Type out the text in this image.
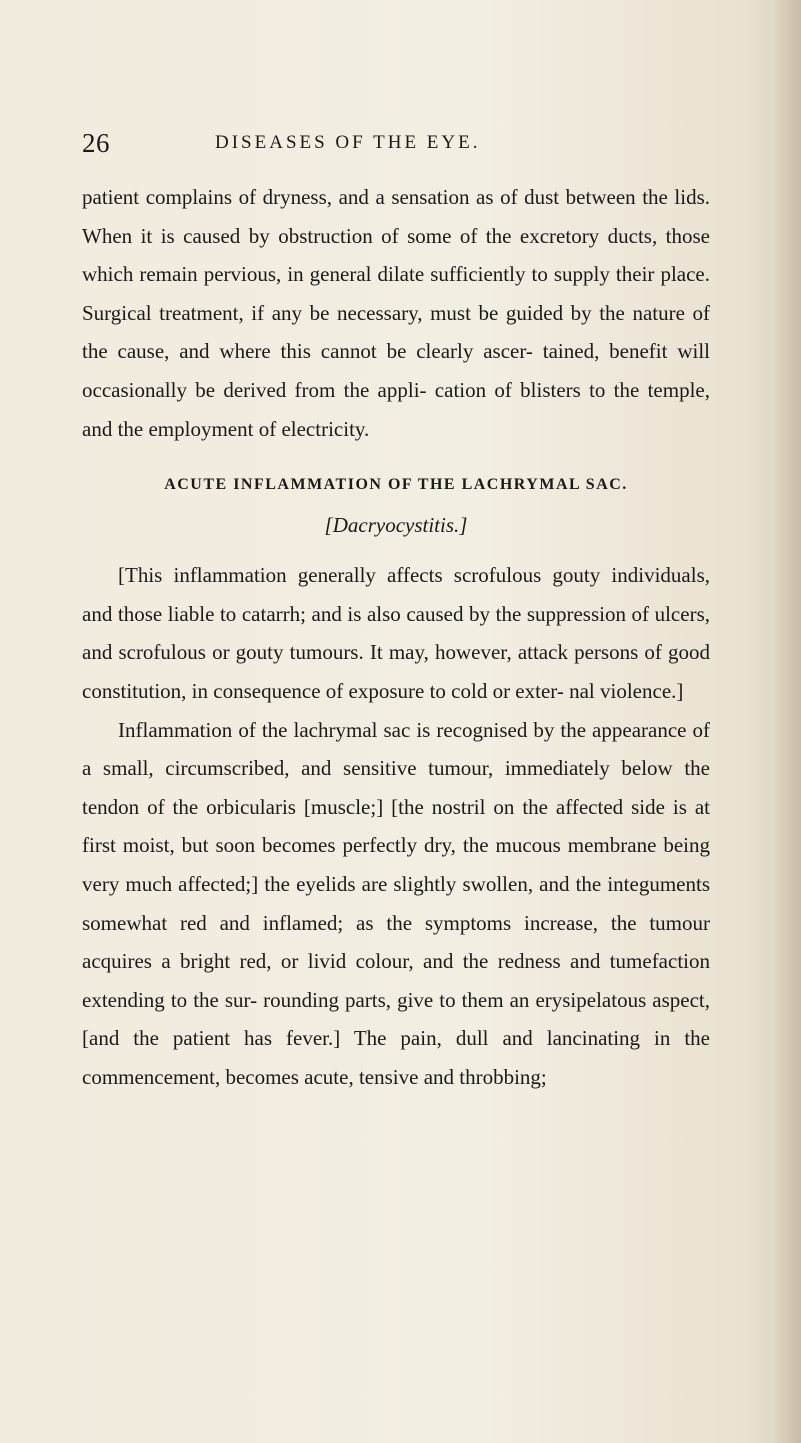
26	DISEASES OF THE EYE.

patient complains of dryness, and a sensation as of dust between the lids. When it is caused by obstruction of some of the excretory ducts, those which remain pervious, in general dilate sufficiently to supply their place. Surgical treatment, if any be necessary, must be guided by the nature of the cause, and where this cannot be clearly ascer- tained, benefit will occasionally be derived from the appli- cation of blisters to the temple, and the employment of electricity.

ACUTE INFLAMMATION OF THE LACHRYMAL SAC.

[Dacryocystitis.]

[This inflammation generally affects scrofulous gouty individuals, and those liable to catarrh; and is also caused by the suppression of ulcers, and scrofulous or gouty tumours. It may, however, attack persons of good constitution, in consequence of exposure to cold or exter- nal violence.]

Inflammation of the lachrymal sac is recognised by the appearance of a small, circumscribed, and sensitive tumour, immediately below the tendon of the orbicularis [muscle;] [the nostril on the affected side is at first moist, but soon becomes perfectly dry, the mucous membrane being very much affected;] the eyelids are slightly swollen, and the integuments somewhat red and inflamed; as the symptoms increase, the tumour acquires a bright red, or livid colour, and the redness and tumefaction extending to the sur- rounding parts, give to them an erysipelatous aspect, [and the patient has fever.] The pain, dull and lancinating in the commencement, becomes acute, tensive and throbbing;
